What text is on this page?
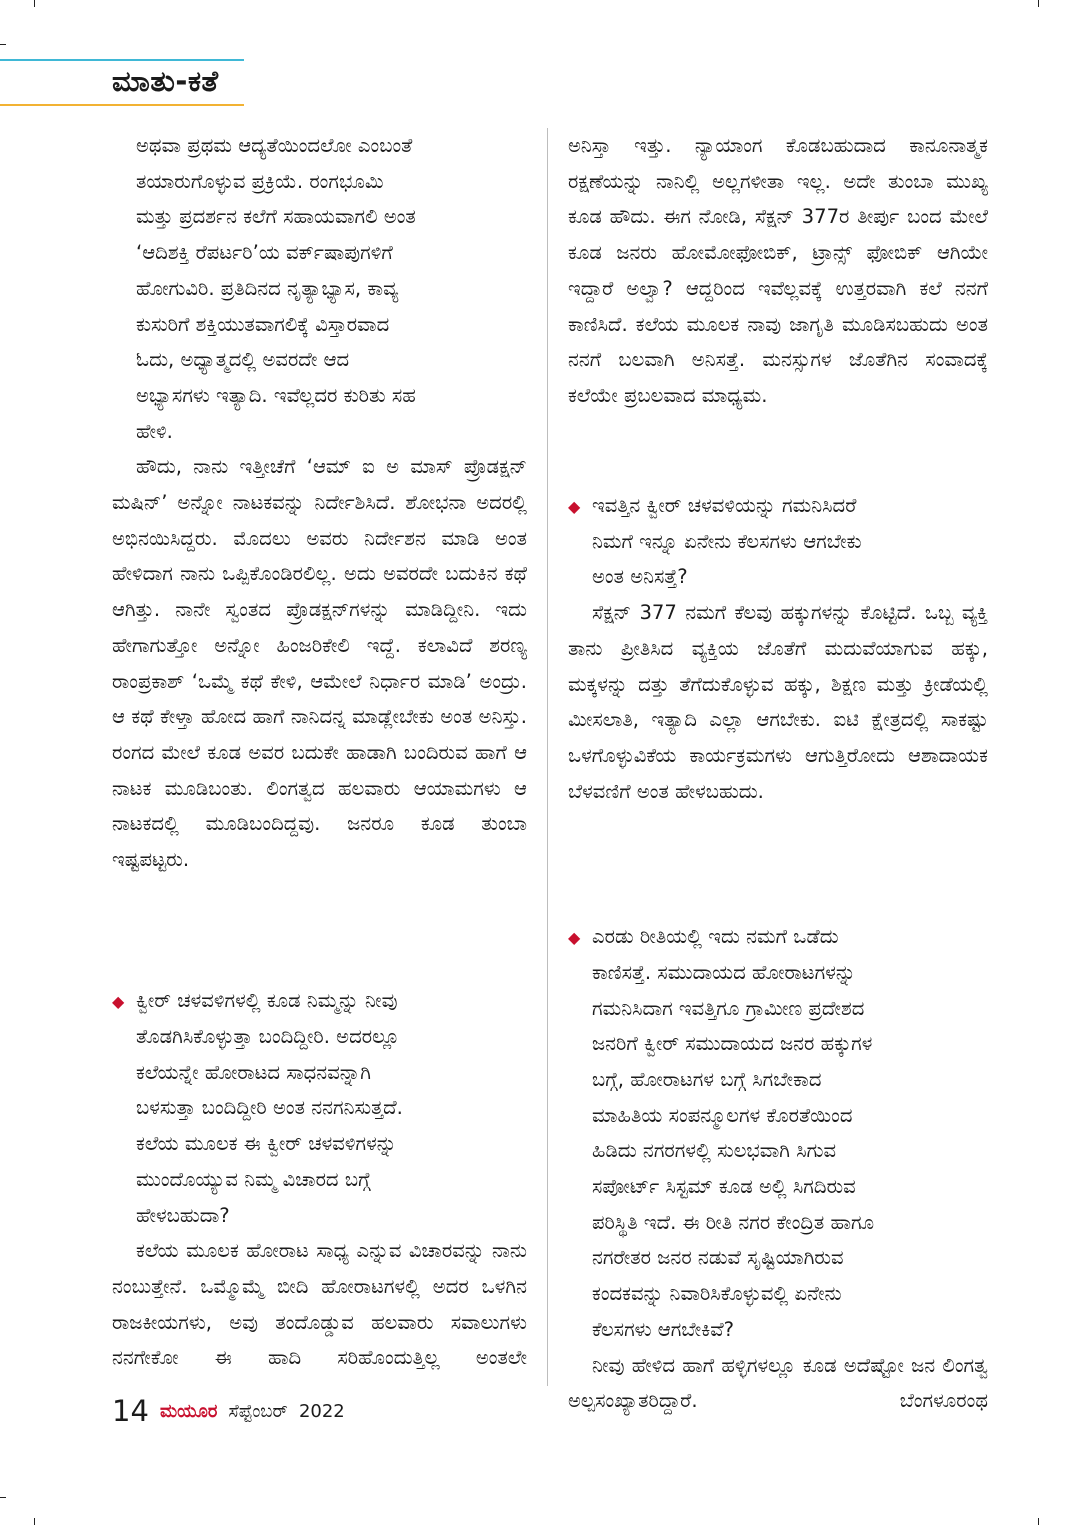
ಮಾತು-ಕತೆ
ಅಥವಾ ಪ್ರಥಮ ಆದ್ಯತೆಯಿಂದಲೋ ಎಂಬಂತೆ
ತಯಾರುಗೊಳ್ಳುವ ಪ್ರಕ್ರಿಯೆ. ರಂಗಭೂಮಿ
ಮತ್ತು ಪ್ರದರ್ಶನ ಕಲೆಗೆ ಸಹಾಯವಾಗಲಿ ಅಂತ
‘ಆದಿಶಕ್ತಿ ರೆಪರ್ಟರಿ’ಯ ವರ್ಕ್‌ಷಾಪುಗಳಿಗೆ
ಹೋಗುವಿರಿ. ಪ್ರತಿದಿನದ ನೃತ್ಯಾಭ್ಯಾಸ, ಕಾವ್ಯ
ಕುಸುರಿಗೆ ಶಕ್ತಿಯುತವಾಗಲಿಕ್ಕೆ ವಿಸ್ತಾರವಾದ
ಓದು, ಅಧ್ಯಾತ್ಮದಲ್ಲಿ ಅವರದೇ ಆದ
ಅಭ್ಯಾಸಗಳು ಇತ್ಯಾದಿ. ಇವೆಲ್ಲದರ ಕುರಿತು ಸಹ
ಹೇಳಿ.

ಹೌದು, ನಾನು ಇತ್ತೀಚೆಗೆ ‘ಆಮ್ ಐ ಅ ಮಾಸ್ ಪ್ರೊಡಕ್ಷನ್ ಮಷಿನ್’ ಅನ್ನೋ ನಾಟಕವನ್ನು ನಿರ್ದೇಶಿಸಿದೆ. ಶೋಭನಾ ಅದರಲ್ಲಿ ಅಭಿನಯಿಸಿದ್ದರು. ಮೊದಲು ಅವರು ನಿರ್ದೇಶನ ಮಾಡಿ ಅಂತ ಹೇಳಿದಾಗ ನಾನು ಒಪ್ಪಿಕೊಂಡಿರಲಿಲ್ಲ. ಅದು ಅವರದೇ ಬದುಕಿನ ಕಥೆ ಆಗಿತ್ತು. ನಾನೇ ಸ್ವಂತದ ಪ್ರೊಡಕ್ಷನ್‌ಗಳನ್ನು ಮಾಡಿದ್ದೀನಿ. ಇದು ಹೇಗಾಗುತ್ತೋ ಅನ್ನೋ ಹಿಂಜರಿಕೇಲಿ ಇದ್ದೆ. ಕಲಾವಿದೆ ಶರಣ್ಯ ರಾಂಪ್ರಕಾಶ್ ‘ಒಮ್ಮೆ ಕಥೆ ಕೇಳಿ, ಆಮೇಲೆ ನಿರ್ಧಾರ ಮಾಡಿ’ ಅಂದ್ರು. ಆ ಕಥೆ ಕೇಳ್ತಾ ಹೋದ ಹಾಗೆ ನಾನಿದನ್ನ ಮಾಡ್ಲೇಬೇಕು ಅಂತ ಅನಿಸ್ತು. ರಂಗದ ಮೇಲೆ ಕೂಡ ಅವರ ಬದುಕೇ ಹಾಡಾಗಿ ಬಂದಿರುವ ಹಾಗೆ ಆ ನಾಟಕ ಮೂಡಿಬಂತು. ಲಿಂಗತ್ವದ ಹಲವಾರು ಆಯಾಮಗಳು ಆ ನಾಟಕದಲ್ಲಿ ಮೂಡಿಬಂದಿದ್ದವು. ಜನರೂ ಕೂಡ ತುಂಬಾ ಇಷ್ಟಪಟ್ಟರು.

◆ ಕ್ವೀರ್ ಚಳವಳಿಗಳಲ್ಲಿ ಕೂಡ ನಿಮ್ಮನ್ನು ನೀವು
ತೊಡಗಿಸಿಕೊಳ್ಳುತ್ತಾ ಬಂದಿದ್ದೀರಿ. ಅದರಲ್ಲೂ
ಕಲೆಯನ್ನೇ ಹೋರಾಟದ ಸಾಧನವನ್ನಾಗಿ
ಬಳಸುತ್ತಾ ಬಂದಿದ್ದೀರಿ ಅಂತ ನನಗನಿಸುತ್ತದೆ.
ಕಲೆಯ ಮೂಲಕ ಈ ಕ್ವೀರ್ ಚಳವಳಿಗಳನ್ನು
ಮುಂದೊಯ್ಯುವ ನಿಮ್ಮ ವಿಚಾರದ ಬಗ್ಗೆ
ಹೇಳಬಹುದಾ?

ಕಲೆಯ ಮೂಲಕ ಹೋರಾಟ ಸಾಧ್ಯ ಎನ್ನುವ ವಿಚಾರವನ್ನು ನಾನು ನಂಬುತ್ತೇನೆ. ಒಮ್ಮೊಮ್ಮೆ ಬೀದಿ ಹೋರಾಟಗಳಲ್ಲಿ ಅದರ ಒಳಗಿನ ರಾಜಕೀಯಗಳು, ಅವು ತಂದೊಡ್ಡುವ ಹಲವಾರು ಸವಾಲುಗಳು ನನಗೇಕೋ ಈ ಹಾದಿ ಸರಿಹೊಂದುತ್ತಿಲ್ಲ ಅಂತಲೇ

ಅನಿಸ್ತಾ ಇತ್ತು. ನ್ಯಾಯಾಂಗ ಕೊಡಬಹುದಾದ ಕಾನೂನಾತ್ಮಕ ರಕ್ಷಣೆಯನ್ನು ನಾನಿಲ್ಲಿ ಅಲ್ಲಗಳೀತಾ ಇಲ್ಲ. ಅದೇ ತುಂಬಾ ಮುಖ್ಯ ಕೂಡ ಹೌದು. ಈಗ ನೋಡಿ, ಸೆಕ್ಷನ್ 377ರ ತೀರ್ಪು ಬಂದ ಮೇಲೆ ಕೂಡ ಜನರು ಹೋಮೋಫೋಬಿಕ್, ಟ್ರಾನ್ಸ್ ಫೋಬಿಕ್ ಆಗಿಯೇ ಇದ್ದಾರೆ ಅಲ್ವಾ? ಆದ್ದರಿಂದ ಇವೆಲ್ಲವಕ್ಕೆ ಉತ್ತರವಾಗಿ ಕಲೆ ನನಗೆ ಕಾಣಿಸಿದೆ. ಕಲೆಯ ಮೂಲಕ ನಾವು ಜಾಗೃತಿ ಮೂಡಿಸಬಹುದು ಅಂತ ನನಗೆ ಬಲವಾಗಿ ಅನಿಸತ್ತೆ. ಮನಸ್ಸುಗಳ ಜೊತೆಗಿನ ಸಂವಾದಕ್ಕೆ ಕಲೆಯೇ ಪ್ರಬಲವಾದ ಮಾಧ್ಯಮ.

◆ ಇವತ್ತಿನ ಕ್ವೀರ್ ಚಳವಳಿಯನ್ನು ಗಮನಿಸಿದರೆ
ನಿಮಗೆ ಇನ್ನೂ ಏನೇನು ಕೆಲಸಗಳು ಆಗಬೇಕು
ಅಂತ ಅನಿಸತ್ತೆ?

ಸೆಕ್ಷನ್ 377 ನಮಗೆ ಕೆಲವು ಹಕ್ಕುಗಳನ್ನು ಕೊಟ್ಟಿದೆ. ಒಬ್ಬ ವ್ಯಕ್ತಿ ತಾನು ಪ್ರೀತಿಸಿದ ವ್ಯಕ್ತಿಯ ಜೊತೆಗೆ ಮದುವೆಯಾಗುವ ಹಕ್ಕು, ಮಕ್ಕಳನ್ನು ದತ್ತು ತೆಗೆದುಕೊಳ್ಳುವ ಹಕ್ಕು, ಶಿಕ್ಷಣ ಮತ್ತು ಕ್ರೀಡೆಯಲ್ಲಿ ಮೀಸಲಾತಿ, ಇತ್ಯಾದಿ ಎಲ್ಲಾ ಆಗಬೇಕು. ಐಟಿ ಕ್ಷೇತ್ರದಲ್ಲಿ ಸಾಕಷ್ಟು ಒಳಗೊಳ್ಳುವಿಕೆಯ ಕಾರ್ಯಕ್ರಮಗಳು ಆಗುತ್ತಿರೋದು ಆಶಾದಾಯಕ ಬೆಳವಣಿಗೆ ಅಂತ ಹೇಳಬಹುದು.

◆ ಎರಡು ರೀತಿಯಲ್ಲಿ ಇದು ನಮಗೆ ಒಡೆದು
ಕಾಣಿಸತ್ತೆ. ಸಮುದಾಯದ ಹೋರಾಟಗಳನ್ನು
ಗಮನಿಸಿದಾಗ ಇವತ್ತಿಗೂ ಗ್ರಾಮೀಣ ಪ್ರದೇಶದ
ಜನರಿಗೆ ಕ್ವೀರ್ ಸಮುದಾಯದ ಜನರ ಹಕ್ಕುಗಳ
ಬಗ್ಗೆ, ಹೋರಾಟಗಳ ಬಗ್ಗೆ ಸಿಗಬೇಕಾದ
ಮಾಹಿತಿಯ ಸಂಪನ್ಮೂಲಗಳ ಕೊರತೆಯಿಂದ
ಹಿಡಿದು ನಗರಗಳಲ್ಲಿ ಸುಲಭವಾಗಿ ಸಿಗುವ
ಸಪೋರ್ಟ್ ಸಿಸ್ಟಮ್ ಕೂಡ ಅಲ್ಲಿ ಸಿಗದಿರುವ
ಪರಿಸ್ಥಿತಿ ಇದೆ. ಈ ರೀತಿ ನಗರ ಕೇಂದ್ರಿತ ಹಾಗೂ
ನಗರೇತರ ಜನರ ನಡುವೆ ಸೃಷ್ಟಿಯಾಗಿರುವ
ಕಂದಕವನ್ನು ನಿವಾರಿಸಿಕೊಳ್ಳುವಲ್ಲಿ ಏನೇನು
ಕೆಲಸಗಳು ಆಗಬೇಕಿವೆ?

ನೀವು ಹೇಳಿದ ಹಾಗೆ ಹಳ್ಳಿಗಳಲ್ಲೂ ಕೂಡ ಅದೆಷ್ಟೋ ಜನ ಲಿಂಗತ್ವ ಅಲ್ಪಸಂಖ್ಯಾತರಿದ್ದಾರೆ. ಬೆಂಗಳೂರಂಥ

14 ಮಯೂರ ಸೆಪ್ಟೆಂಬರ್ 2022
